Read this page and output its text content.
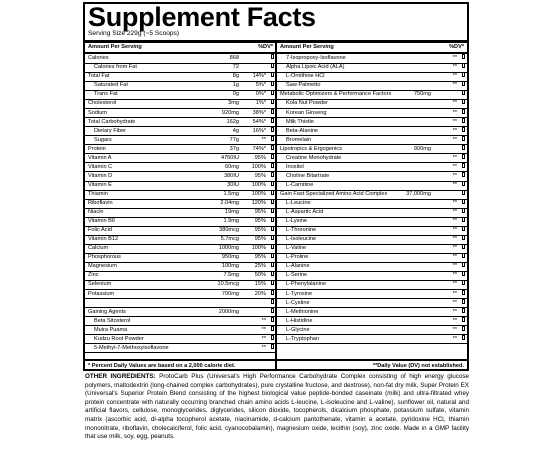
Supplement Facts
Serving Size 229g (~5 Scoops)
Amount Per Serving	%DV*
Calories	868
Calories from Fat	72
Total Fat	8g 14%*
Saturated Fat	1g	5%*
Trans Fat	0g	0%*
Cholesterol	3mg	1%*
Sodium	920mg 38%*
Total Carbohydrate	162g 54%*
Dietary Fiber	4g 16%*
Sugars	77g	**
Protein	37g 74%*
Vitamin A	4750IU	95%
Vitamin C	60mg 100%
Vitamin D	380IU	95%
Vitamin E	30IU 100%
Thiamin	1.5mg 100%
Riboflavin	2.04mg 120%
Niacin	19mg	95%
Vitamin B6	1.9mg	95%
Folic Acid	380mcg	95%
Vitamin B12	5.7mcg	95%
Calcium	1000mg 100%
Phosphorous	950mg	95%
Magnesium	100mg	25%
Zinc	7.5mg	50%
Selenium	10.5mcg	15%
Potassium	700mg	20%
Gaining Agents	2000mg
Beta Sitosterol	**
Muira Puama	**
Kudzu Root Powder	**
5-Methyl-7-Methoxyisoflavone	**
Amount Per Serving	%DV*
7-Isopropoxy-Isoflavone	**
Alpha Lipoic Acid (ALA)	**
L-Ornithine HCl	**
Saw Palmetto	**
Metabolic Optimizers & Performance Factors	750mg
Kola Nut Powder	**
Korean Ginseng	**
Milk Thistle	**
Beta-Alanine	**
Bromelain	**
Lipotropics & Ergogenics	900mg
Creatine Monohydrate	**
Inositol	**
Choline Bitartrate	**
L-Carnitine	**
Gain Fast Specialized Amino Acid Complex	37,000mg
L-Leucine	**
L-Aspartic Acid	**
L-Lysine	**
L-Threonine	**
L-Isoleucine	**
L-Valine	**
L-Proline	**
L-Alanine	**
L-Serine	**
L-Phenylalanine	**
L-Tyrosine	**
L-Cystine	**
L-Methionine	**
L-Histidine	**
L-Glycine	**
L-Tryptophan	**
* Percent Daily Values are based on a 2,000 calorie diet.	**Daily Value (DV) not established.
OTHER INGREDIENTS: ProtoCarb Plus (Universal's High Performance Carbohydrate Complex consisting of high energy glucose polymers, maltodextrin (long-chained complex carbohydrates), pure crystalline fructose, and dextrose), non-fat dry milk, Super Protein EX (Universal's Superior Protein Blend consisting of the highest biological value peptide-bonded caseinate (milk) and ultra-filtrated whey protein concentrate with naturally occurring branched chain amino acids L-leucine, L-isoleucine and L-valine), sunflower oil, natural and artificial flavors, cellulose, monoglycerides, diglycerides, silicon dioxide, tocopherols, dicalcium phosphate, potassium sulfate, vitamin matrix (ascorbic acid, dl-alpha tocopherol acetate, niacinamide, d-calcium pantothenate, vitamin a acetate, pyridoxine HCl, thiamin mononitrate, riboflavin, cholecalciferol, folic acid, cyanocobalamin), magnesium oxide, lecithin (soy), zinc oxide. Made in a GMP facility that use milk, soy, egg, peanuts.
